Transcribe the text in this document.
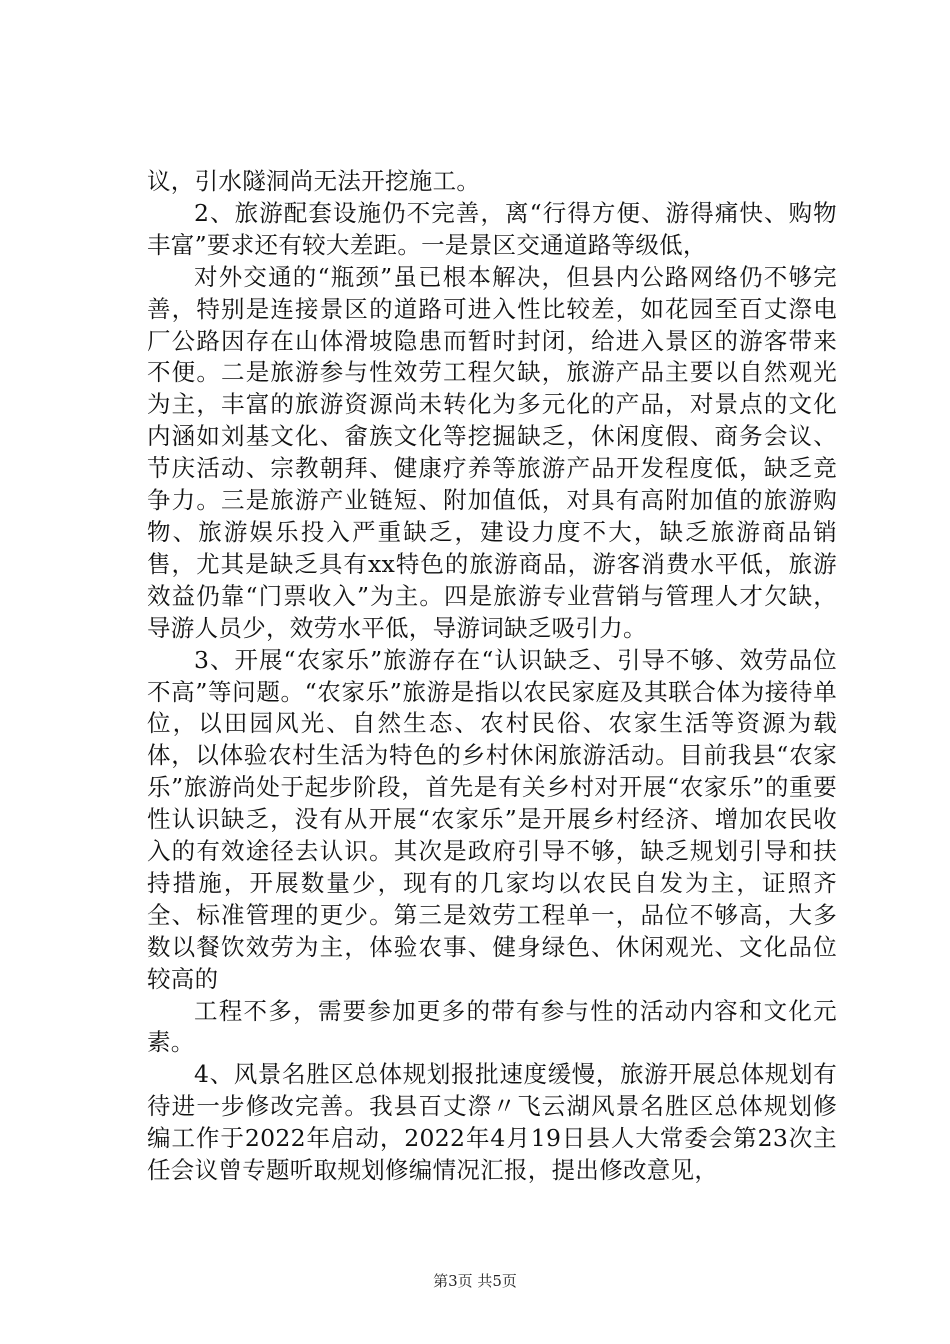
议，引水隧洞尚无法开挖施工。

2、旅游配套设施仍不完善，离“行得方便、游得痛快、购物丰富”要求还有较大差距。一是景区交通道路等级低，

对外交通的“瓶颈”虽已根本解决，但县内公路网络仍不够完善，特别是连接景区的道路可进入性比较差，如花园至百丈漈电厂公路因存在山体滑坡隐患而暂时封闭，给进入景区的游客带来不便。二是旅游参与性效劳工程欠缺，旅游产品主要以自然观光为主，丰富的旅游资源尚未转化为多元化的产品，对景点的文化内涵如刘基文化、畲族文化等挖掘缺乏，休闲度假、商务会议、节庆活动、宗教朝拜、健康疗养等旅游产品开发程度低，缺乏竞争力。三是旅游产业链短、附加值低，对具有高附加值的旅游购物、旅游娱乐投入严重缺乏，建设力度不大，缺乏旅游商品销售，尤其是缺乏具有xx特色的旅游商品，游客消费水平低，旅游效益仍靠“门票收入”为主。四是旅游专业营销与管理人才欠缺，导游人员少，效劳水平低，导游词缺乏吸引力。

3、开展“农家乐”旅游存在“认识缺乏、引导不够、效劳品位不高”等问题。“农家乐”旅游是指以农民家庭及其联合体为接待单位，以田园风光、自然生态、农村民俗、农家生活等资源为载体，以体验农村生活为特色的乡村休闲旅游活动。目前我县“农家乐”旅游尚处于起步阶段，首先是有关乡村对开展“农家乐”的重要性认识缺乏，没有从开展“农家乐”是开展乡村经济、增加农民收入的有效途径去认识。其次是政府引导不够，缺乏规划引导和扶持措施，开展数量少，现有的几家均以农民自发为主，证照齐全、标准管理的更少。第三是效劳工程单一，品位不够高，大多数以餐饮效劳为主，体验农事、健身绿色、休闲观光、文化品位较高的

工程不多，需要参加更多的带有参与性的活动内容和文化元素。

4、风景名胜区总体规划报批速度缓慢，旅游开展总体规划有待进一步修改完善。我县百丈漈〃飞云湖风景名胜区总体规划修编工作于2022年启动，2022年4月19日县人大常委会第23次主任会议曾专题听取规划修编情况汇报，提出修改意见，

第3页 共5页
